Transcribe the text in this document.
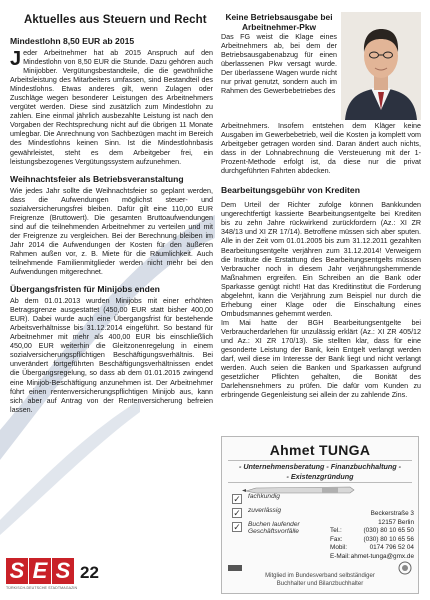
Aktuelles aus Steuern und Recht
Mindestlohn 8,50 EUR ab 2015

Jeder Arbeitnehmer hat ab 2015 Anspruch auf den Mindestlohn von 8,50 EUR die Stunde. Dazu gehören auch Minijobber. Vergütungsbestandteile, die die gewöhnliche Arbeitsleistung des Mitarbeiters umfassen, sind Bestandteil des Mindestlohns. Etwas anderes gilt, wenn Zulagen oder Zuschläge wegen besonderer Leistungen des Arbeitnehmers vergütet werden. Diese sind zusätzlich zum Mindestlohn zu zahlen. Eine einmal jährlich ausbezahlte Leistung ist nach den Vorgaben der Rechtsprechung nicht auf die übrigen 11 Monate umlegbar. Die Anrechnung von Sachbezügen macht im Bereich des Mindestlohns keinen Sinn. Ist die Mindestlohnbasis gewährleistet, steht es dem Arbeitgeber frei, ein leistungsbezogenes Vergütungssystem aufzunehmen.

Weihnachtsfeier als Betriebsveranstaltung

Wie jedes Jahr sollte die Weihnachtsfeier so geplant werden, dass die Aufwendungen möglichst steuer- und sozialversicherungsfrei bleiben. Dafür gilt eine 110,00 EUR Freigrenze (Bruttowert). Die gesamten Bruttoaufwendungen sind auf die teilnehmenden Arbeitnehmer zu verteilen und mit der Freigrenze zu vergleichen. Bei der Berechnung bleiben im Jahr 2014 die Aufwendungen der Kosten für den äußeren Rahmen außen vor, z. B. Miete für die Räumlichkeit. Auch teilnehmende Familienmitglieder werden nicht mehr bei den Aufwendungen mitgerechnet.

Übergangsfristen für Minijobs enden

Ab dem 01.01.2013 wurden Minijobs mit einer erhöhten Betragsgrenze ausgestattet (450,00 EUR statt bisher 400,00 EUR). Dabei wurde auch eine Übergangsfrist für bestehende Arbeitsverhältnisse bis 31.12.2014 eingeführt. So bestand für Arbeitnehmer mit mehr als 400,00 EUR bis einschließlich 450,00 EUR weiterhin die Gleitzonenregelung in einem sozialversicherungspflichtigen Beschäftigungsverhältnis. Bei unverändert fortgeführten Beschäftigungsverhältnissen endet die Übergangsregelung, so dass ab dem 01.01.2015 zwingend eine Minijob-Beschäftigung anzunehmen ist. Der Arbeitnehmer führt einen rentenversicherungspflichtigen Minijob aus, kann sich aber auf Antrag von der Rentenversicherung befreien lassen.

Keine Betriebsausgabe bei Arbeitnehmer-Pkw

Das FG weist die Klage eines Arbeitnehmers ab, bei dem der Betriebsausgabenabzug für einen überlassenen Pkw versagt wurde. Der überlassene Wagen wurde nicht nur privat genutzt, sondern auch im Rahmen des Gewerbebetriebes des

Arbeitnehmers. Insofern entstehen dem Kläger keine Ausgaben im Gewerbebetrieb, weil die Kosten ja komplett vom Arbeitgeber getragen worden sind. Daran ändert auch nichts, dass in der Lohnabrechnung die Versteuerung mit der 1-Prozent-Methode erfolgt ist, da diese nur die privat durchgeführten Fahrten abdecken.

Bearbeitungsgebühr von Krediten

Dem Urteil der Richter zufolge können Bankkunden ungerechtfertigt kassierte Bearbeitungsentgelte bei Krediten bis zu zehn Jahre rückwirkend zurückfordern (Az.: XI ZR 348/13 und XI ZR 17/14). Betroffene müssen sich aber sputen. Alle in der Zeit vom 01.01.2005 bis zum 31.12.2011 gezahlten Bearbeitungsentgelte verjähren zum 31.12.2014! Verweigern die Institute die Erstattung des Bearbeitungsentgelts müssen Verbraucher noch in diesem Jahr verjährungshemmende Maßnahmen ergreifen. Ein Schreiben an die Bank oder Sparkasse genügt nicht! Hat das Kreditinstitut die Forderung abgelehnt, kann die Verjährung zum Beispiel nur durch die Erhebung einer Klage oder die Einschaltung eines Ombudsmannes gehemmt werden.
Im Mai hatte der BGH Bearbeitungsentgelte bei Verbraucherdarlehen für unzulässig erklärt (Az.: XI ZR 405/12 und Az.: XI ZR 170/13). Sie stellten klar, dass für eine gesonderte Leistung der Bank, kein Entgelt verlangt werden darf, weil diese im Interesse der Bank liegt und nicht verlangt werden. Auch seien die Banken und Sparkassen aufgrund gesetzlicher Pflichten gehalten, die Bonität des Darlehensnehmers zu prüfen. Die dafür vom Kunden zu erbringende Gegenleistung sei allein der zu zahlende Zins.

Ahmet TUNGA
- Unternehmensberatung - Finanzbuchhaltung -
- Existenzgründung
✓ fachkundig
✓ zuverlässig
✓ Buchen laufender Geschäftsvorfälle
Beckerstraße 3
12157 Berlin
Tel.:	(030) 80 10 65 50
Fax:	(030) 80 10 65 56
Mobil:	0174 796 52 04
E-Mail: ahmet-tunga@gmx.de
Mitglied im Bundesverband selbständiger
Buchhalter und Bilanzbuchhalter
S E S 22
TÜRKISCH-DEUTSCHE STADTMAGAZIN
